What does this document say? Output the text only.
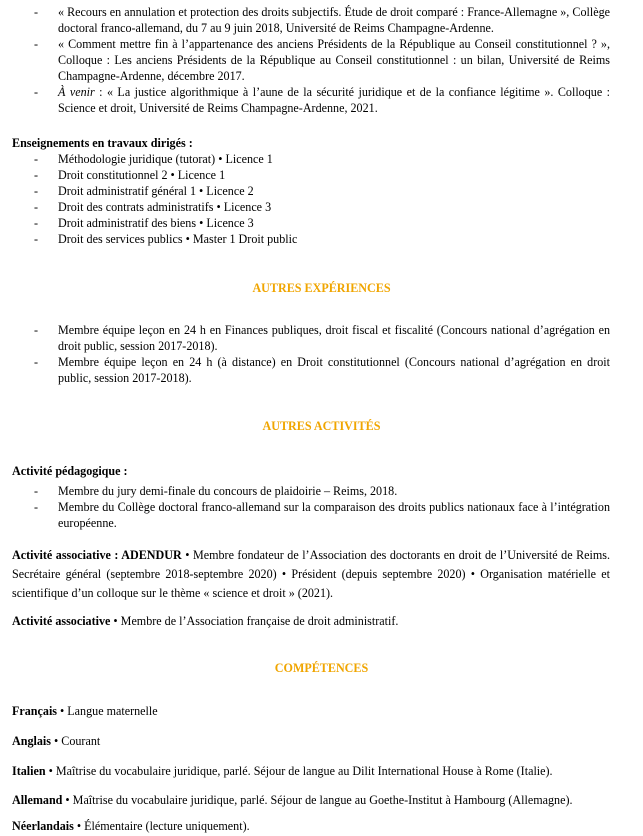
- « Recours en annulation et protection des droits subjectifs. Étude de droit comparé : France-Allemagne », Collège doctoral franco-allemand, du 7 au 9 juin 2018, Université de Reims Champagne-Ardenne.
- « Comment mettre fin à l’appartenance des anciens Présidents de la République au Conseil constitutionnel ? », Colloque : Les anciens Présidents de la République au Conseil constitutionnel : un bilan, Université de Reims Champagne-Ardenne, décembre 2017.
- À venir : « La justice algorithmique à l’aune de la sécurité juridique et de la confiance légitime ». Colloque : Science et droit, Université de Reims Champagne-Ardenne, 2021.
Enseignements en travaux dirigés :
- Méthodologie juridique (tutorat) • Licence 1
- Droit constitutionnel 2 • Licence 1
- Droit administratif général 1 • Licence 2
- Droit des contrats administratifs • Licence 3
- Droit administratif des biens • Licence 3
- Droit des services publics • Master 1 Droit public
AUTRES EXPÉRIENCES
- Membre équipe leçon en 24 h en Finances publiques, droit fiscal et fiscalité (Concours national d’agrégation en droit public, session 2017-2018).
- Membre équipe leçon en 24 h (à distance) en Droit constitutionnel (Concours national d’agrégation en droit public, session 2017-2018).
AUTRES ACTIVITÉS
Activité pédagogique :
- Membre du jury demi-finale du concours de plaidoirie – Reims, 2018.
- Membre du Collège doctoral franco-allemand sur la comparaison des droits publics nationaux face à l’intégration européenne.

Activité associative : ADENDUR • Membre fondateur de l’Association des doctorants en droit de l’Université de Reims. Secrétaire général (septembre 2018-septembre 2020) • Président (depuis septembre 2020) • Organisation matérielle et scientifique d’un colloque sur le thème « science et droit » (2021).

Activité associative • Membre de l’Association française de droit administratif.

COMPÉTENCES
Français • Langue maternelle
Anglais • Courant
Italien • Maîtrise du vocabulaire juridique, parlé. Séjour de langue au Dilit International House à Rome (Italie).
Allemand • Maîtrise du vocabulaire juridique, parlé. Séjour de langue au Goethe-Institut à Hambourg (Allemagne).
Néerlandais • Élémentaire (lecture uniquement).
